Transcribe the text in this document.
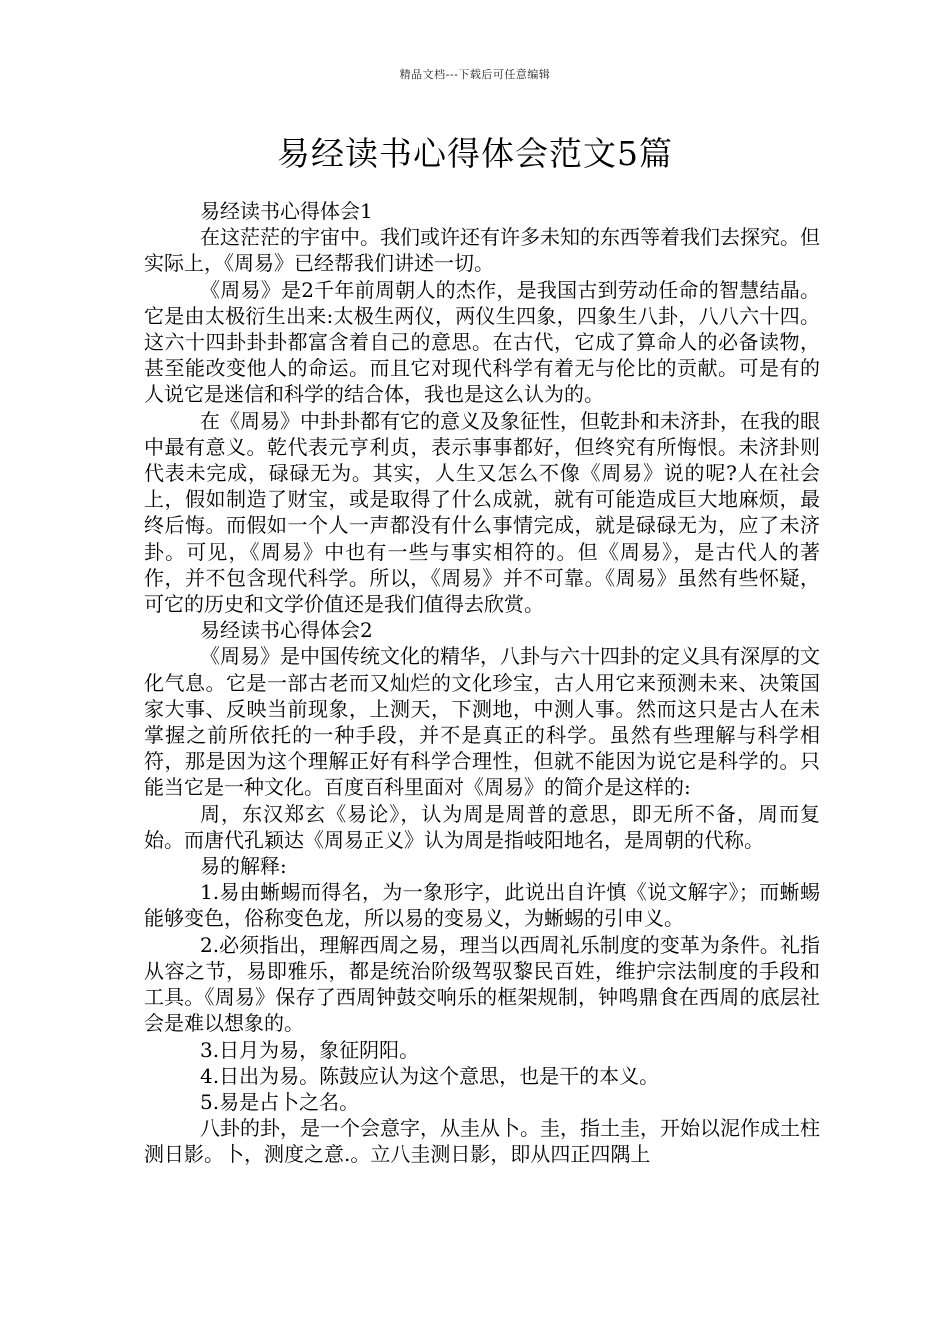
精品文档---下载后可任意编辑
易经读书心得体会范文5篇

易经读书心得体会1

在这茫茫的宇宙中。我们或许还有许多未知的东西等着我们去探究。但实际上，《周易》已经帮我们讲述一切。

《周易》是2千年前周朝人的杰作，是我国古到劳动任命的智慧结晶。它是由太极衍生出来:太极生两仪，两仪生四象，四象生八卦，八八六十四。这六十四卦卦卦都富含着自己的意思。在古代，它成了算命人的必备读物，甚至能改变他人的命运。而且它对现代科学有着无与伦比的贡献。可是有的人说它是迷信和科学的结合体，我也是这么认为的。

在《周易》中卦卦都有它的意义及象征性，但乾卦和未济卦，在我的眼中最有意义。乾代表元亨利贞，表示事事都好，但终究有所悔恨。未济卦则代表未完成，碌碌无为。其实，人生又怎么不像《周易》说的呢?人在社会上，假如制造了财宝，或是取得了什么成就，就有可能造成巨大地麻烦，最终后悔。而假如一个人一声都没有什么事情完成，就是碌碌无为，应了未济卦。可见，《周易》中也有一些与事实相符的。但《周易》，是古代人的著作，并不包含现代科学。所以，《周易》并不可靠。《周易》虽然有些怀疑，可它的历史和文学价值还是我们值得去欣赏。

易经读书心得体会2

《周易》是中国传统文化的精华，八卦与六十四卦的定义具有深厚的文化气息。它是一部古老而又灿烂的文化珍宝，古人用它来预测未来、决策国家大事、反映当前现象，上测天，下测地，中测人事。然而这只是古人在未掌握之前所依托的一种手段，并不是真正的科学。虽然有些理解与科学相符，那是因为这个理解正好有科学合理性，但就不能因为说它是科学的。只能当它是一种文化。百度百科里面对《周易》的简介是这样的:

周，东汉郑玄《易论》，认为周是周普的意思，即无所不备，周而复始。而唐代孔颖达《周易正义》认为周是指岐阳地名，是周朝的代称。

易的解释:

1.易由蜥蜴而得名，为一象形字，此说出自许慎《说文解字》；而蜥蜴能够变色，俗称变色龙，所以易的变易义，为蜥蜴的引申义。

2.必须指出，理解西周之易，理当以西周礼乐制度的变革为条件。礼指从容之节，易即雅乐，都是统治阶级驾驭黎民百姓，维护宗法制度的手段和工具。《周易》保存了西周钟鼓交响乐的框架规制，钟鸣鼎食在西周的底层社会是难以想象的。

3.日月为易，象征阴阳。

4.日出为易。陈鼓应认为这个意思，也是干的本义。

5.易是占卜之名。

八卦的卦，是一个会意字，从圭从卜。圭，指土圭，开始以泥作成土柱测日影。卜，测度之意.。立八圭测日影，即从四正四隅上
